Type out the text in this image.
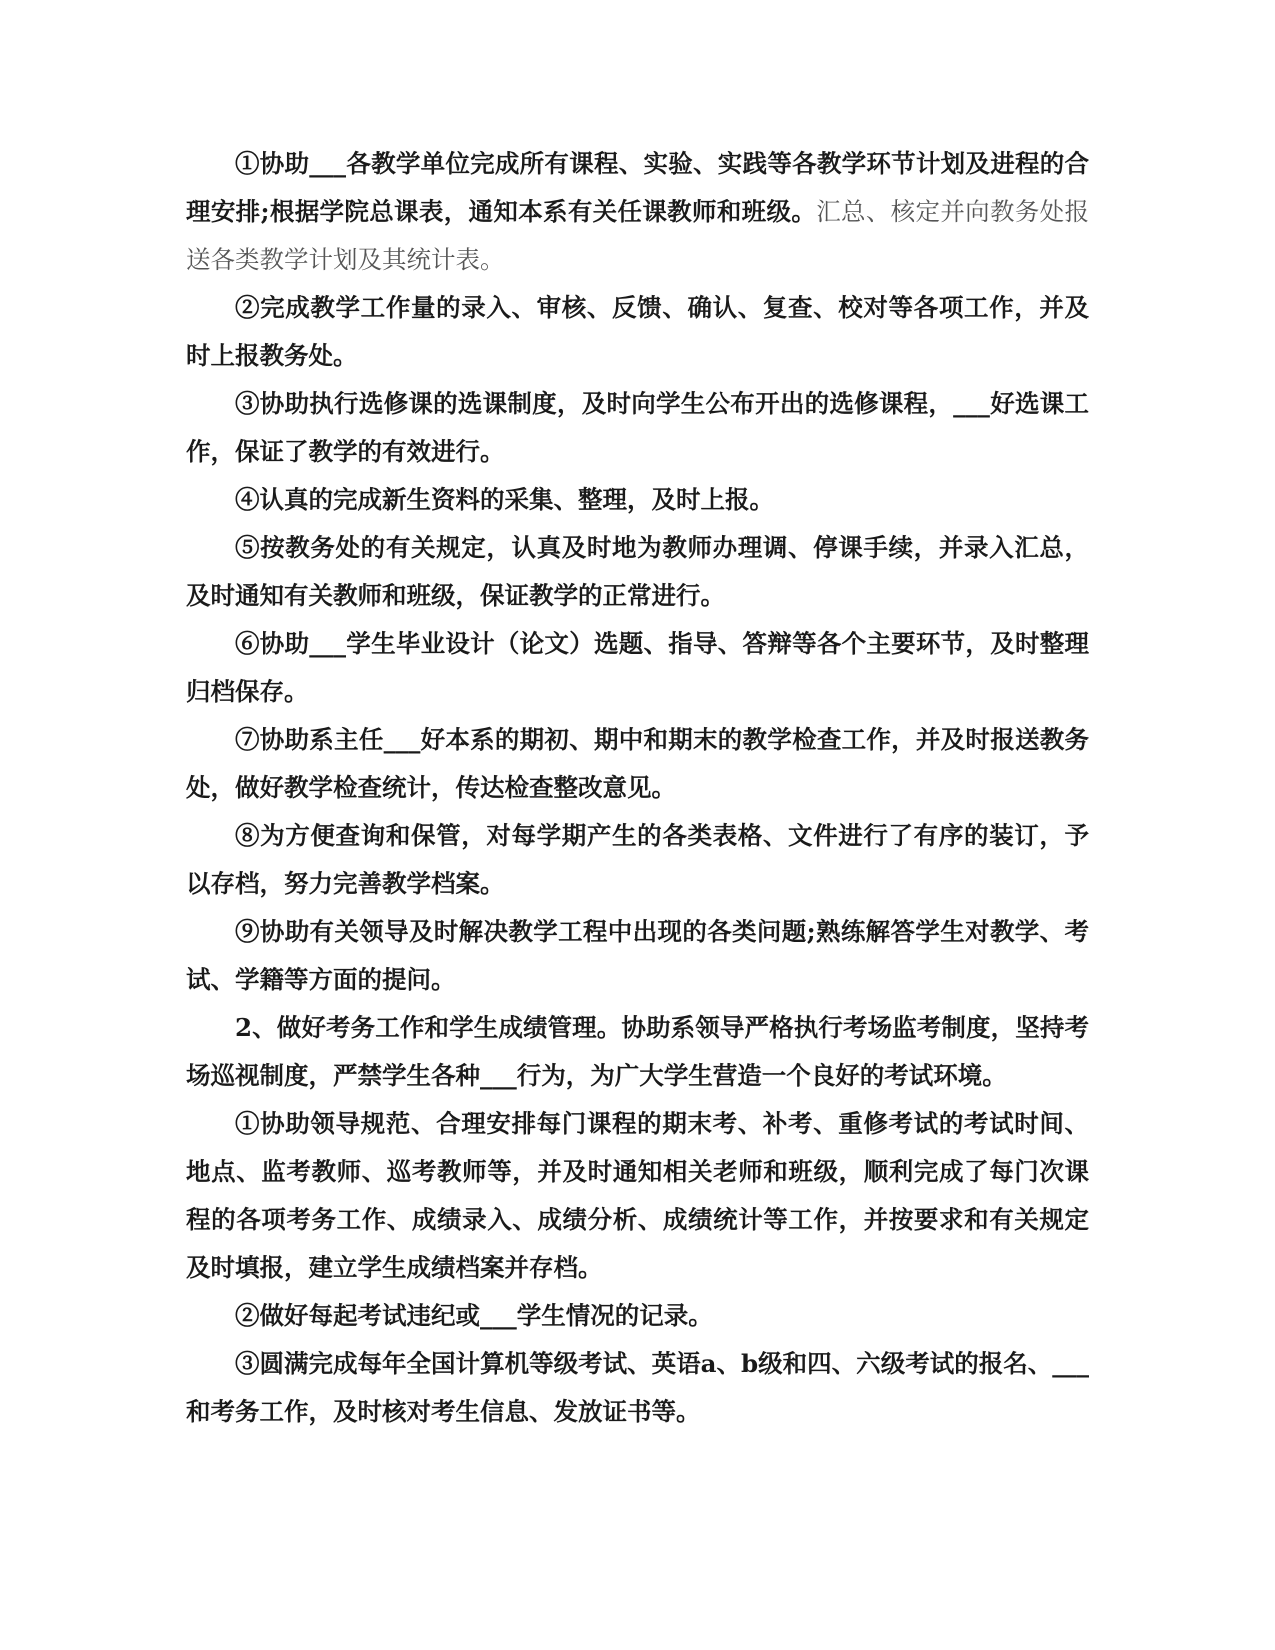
①协助___各教学单位完成所有课程、实验、实践等各教学环节计划及进程的合理安排;根据学院总课表，通知本系有关任课教师和班级。汇总、核定并向教务处报送各类教学计划及其统计表。

②完成教学工作量的录入、审核、反馈、确认、复查、校对等各项工作，并及时上报教务处。

③协助执行选修课的选课制度，及时向学生公布开出的选修课程，___好选课工作，保证了教学的有效进行。

④认真的完成新生资料的采集、整理，及时上报。

⑤按教务处的有关规定，认真及时地为教师办理调、停课手续，并录入汇总，及时通知有关教师和班级，保证教学的正常进行。

⑥协助___学生毕业设计（论文）选题、指导、答辩等各个主要环节，及时整理归档保存。

⑦协助系主任___好本系的期初、期中和期末的教学检查工作，并及时报送教务处，做好教学检查统计，传达检查整改意见。

⑧为方便查询和保管，对每学期产生的各类表格、文件进行了有序的装订，予以存档，努力完善教学档案。

⑨协助有关领导及时解决教学工程中出现的各类问题;熟练解答学生对教学、考试、学籍等方面的提问。

2、做好考务工作和学生成绩管理。协助系领导严格执行考场监考制度，坚持考场巡视制度，严禁学生各种___行为，为广大学生营造一个良好的考试环境。

①协助领导规范、合理安排每门课程的期末考、补考、重修考试的考试时间、地点、监考教师、巡考教师等，并及时通知相关老师和班级，顺利完成了每门次课程的各项考务工作、成绩录入、成绩分析、成绩统计等工作，并按要求和有关规定及时填报，建立学生成绩档案并存档。

②做好每起考试违纪或___学生情况的记录。

③圆满完成每年全国计算机等级考试、英语a、b级和四、六级考试的报名、___和考务工作，及时核对考生信息、发放证书等。
